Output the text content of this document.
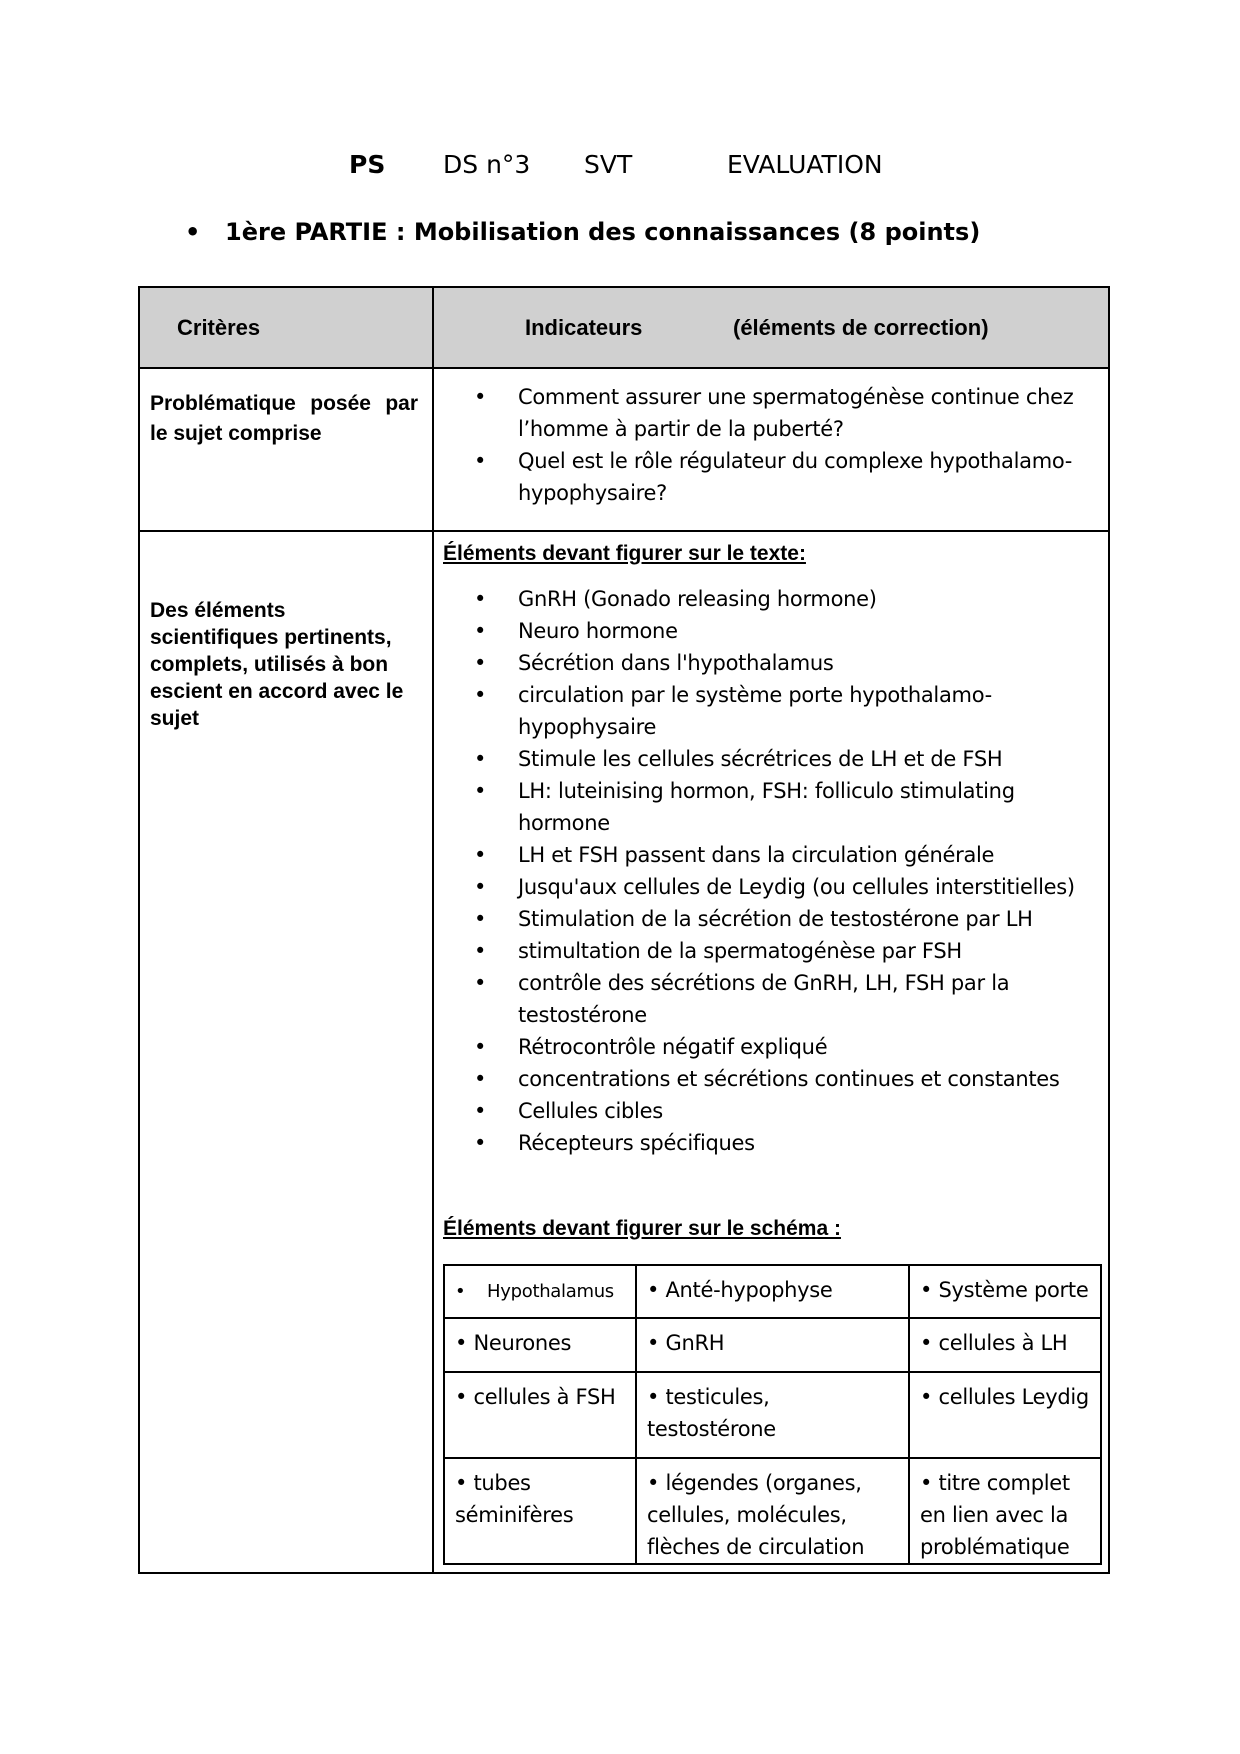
PS DS n°3 SVT	EVALUATION
• 1ère PARTIE : Mobilisation des connaissances (8 points)
Critères	Indicateurs	(éléments de correction)
Problématique posée par le sujet comprise
• Comment assurer une spermatogénèse continue chez l’homme à partir de la puberté?
• Quel est le rôle régulateur du complexe hypothalamo-hypophysaire?
Des éléments scientifiques pertinents, complets, utilisés à bon escient en accord avec le sujet
Éléments devant figurer sur le texte:
• GnRH (Gonado releasing hormone)
• Neuro hormone
• Sécrétion dans l'hypothalamus
• circulation par le système porte hypothalamo-hypophysaire
• Stimule les cellules sécrétrices de LH et de FSH
• LH: luteinising hormon, FSH: folliculo stimulating hormone
• LH et FSH passent dans la circulation générale
• Jusqu'aux cellules de Leydig (ou cellules interstitielles)
• Stimulation de la sécrétion de testostérone par LH
• stimultation de la spermatogénèse par FSH
• contrôle des sécrétions de GnRH, LH, FSH par la testostérone
• Rétrocontrôle négatif expliqué
• concentrations et sécrétions continues et constantes
• Cellules cibles
• Récepteurs spécifiques
Éléments devant figurer sur le schéma :
•    Hypothalamus	• Anté-hypophyse	• Système porte
• Neurones	• GnRH	• cellules à LH
• cellules à FSH	• testicules, testostérone	• cellules Leydig
• tubes séminifères	• légendes (organes, cellules, molécules, flèches de circulation	• titre complet en lien avec la problématique
